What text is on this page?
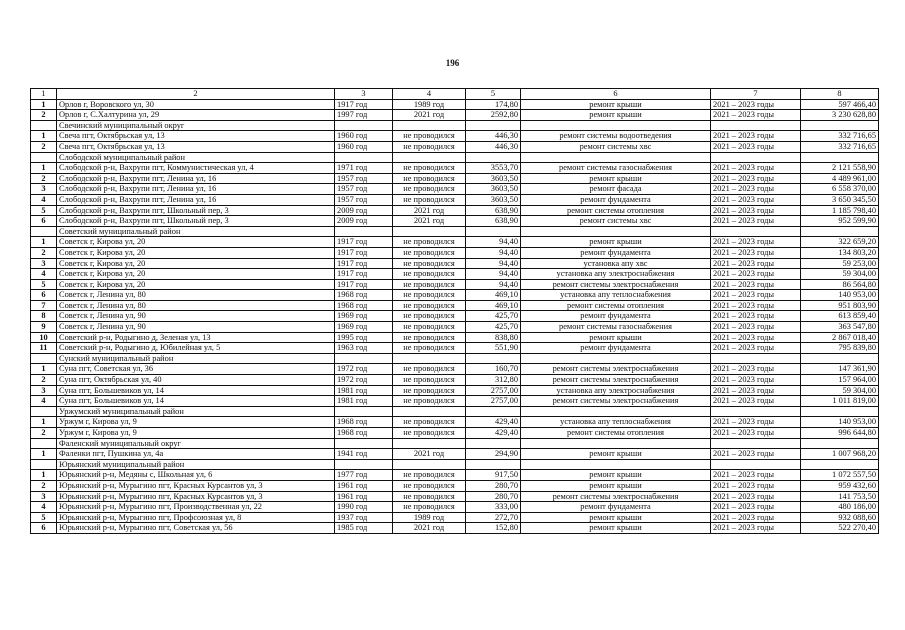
196
1	2	3	4	5	6	7	8
1	Орлов г, Воровского ул, 30	1917 год	1989 год	174,80	ремонт крыши	2021 – 2023 годы	597 466,40
2	Орлов г, С.Халтурина ул, 29	1997 год	2021 год	2592,80	ремонт крыши	2021 – 2023 годы	3 230 628,80
	Свечинский муниципальный округ						
1	Свеча пгт, Октябрьская ул, 13	1960 год	не проводился	446,30	ремонт системы водоотведения	2021 – 2023 годы	332 716,65
2	Свеча пгт, Октябрьская ул, 13	1960 год	не проводился	446,30	ремонт системы хвс	2021 – 2023 годы	332 716,65
	Слободской муниципальный район						
1	Слободской р-н, Вахрупи пгт, Коммунистическая ул, 4	1971 год	не проводился	3553,70	ремонт системы газоснабжения	2021 – 2023 годы	2 121 558,90
2	Слободской р-н, Вахрупи пгт, Ленина ул, 16	1957 год	не проводился	3603,50	ремонт крыши	2021 – 2023 годы	4 489 961,00
3	Слободской р-н, Вахрупи пгт, Ленина ул, 16	1957 год	не проводился	3603,50	ремонт фасада	2021 – 2023 годы	6 558 370,00
4	Слободской р-н, Вахрупи пгт, Ленина ул, 16	1957 год	не проводился	3603,50	ремонт фундамента	2021 – 2023 годы	3 650 345,50
5	Слободской р-н, Вахрупи пгт, Школьный пер, 3	2009 год	2021 год	638,90	ремонт системы отопления	2021 – 2023 годы	1 185 798,40
6	Слободской р-н, Вахрупи пгт, Школьный пер, 3	2009 год	2021 год	638,90	ремонт системы хвс	2021 – 2023 годы	952 599,90
	Советский муниципальный район						
1	Советск г, Кирова ул, 20	1917 год	не проводился	94,40	ремонт крыши	2021 – 2023 годы	322 659,20
2	Советск г, Кирова ул, 20	1917 год	не проводился	94,40	ремонт фундамента	2021 – 2023 годы	134 803,20
3	Советск г, Кирова ул, 20	1917 год	не проводился	94,40	установка апу хвс	2021 – 2023 годы	59 253,00
4	Советск г, Кирова ул, 20	1917 год	не проводился	94,40	установка апу электроснабжения	2021 – 2023 годы	59 304,00
5	Советск г, Кирова ул, 20	1917 год	не проводился	94,40	ремонт системы электроснабжения	2021 – 2023 годы	86 564,80
6	Советск г, Ленина ул, 80	1968 год	не проводился	469,10	установка апу теплоснабжения	2021 – 2023 годы	140 953,00
7	Советск г, Ленина ул, 80	1968 год	не проводился	469,10	ремонт системы отопления	2021 – 2023 годы	951 803,90
8	Советск г, Ленина ул, 90	1969 год	не проводился	425,70	ремонт фундамента	2021 – 2023 годы	613 859,40
9	Советск г, Ленина ул, 90	1969 год	не проводился	425,70	ремонт системы газоснабжения	2021 – 2023 годы	363 547,80
10	Советский р-н, Родыгино д, Зеленая ул, 13	1995 год	не проводился	838,80	ремонт крыши	2021 – 2023 годы	2 867 018,40
11	Советский р-н, Родыгино д, Юбилейная ул, 5	1963 год	не проводился	551,90	ремонт фундамента	2021 – 2023 годы	795 839,80
	Сунский муниципальный район						
1	Суна пгт, Советская ул, 36	1972 год	не проводился	160,70	ремонт системы электроснабжения	2021 – 2023 годы	147 361,90
2	Суна пгт, Октябрьская ул, 40	1972 год	не проводился	312,80	ремонт системы электроснабжения	2021 – 2023 годы	157 964,00
3	Суна пгт, Большевиков ул, 14	1981 год	не проводился	2757,00	установка апу электроснабжения	2021 – 2023 годы	59 304,00
4	Суна пгт, Большевиков ул, 14	1981 год	не проводился	2757,00	ремонт системы электроснабжения	2021 – 2023 годы	1 011 819,00
	Уржумский муниципальный район						
1	Уржум г, Кирова ул, 9	1968 год	не проводился	429,40	установка апу теплоснабжения	2021 – 2023 годы	140 953,00
2	Уржум г, Кирова ул, 9	1968 год	не проводился	429,40	ремонт системы отопления	2021 – 2023 годы	996 644,80
	Фаленский муниципальный округ						
1	Фаленки пгт, Пушкина ул, 4а	1941 год	2021 год	294,90	ремонт крыши	2021 – 2023 годы	1 007 968,20
	Юрьянский муниципальный район						
1	Юрьянский р-н, Медяны с, Школьная ул, 6	1977 год	не проводился	917,50	ремонт крыши	2021 – 2023 годы	1 072 557,50
2	Юрьянский р-н, Мурыгино пгт, Красных Курсантов ул, 3	1961 год	не проводился	280,70	ремонт крыши	2021 – 2023 годы	959 432,60
3	Юрьянский р-н, Мурыгино пгт, Красных Курсантов ул, 3	1961 год	не проводился	280,70	ремонт системы электроснабжения	2021 – 2023 годы	141 753,50
4	Юрьянский р-н, Мурыгино пгт, Производственная ул, 22	1990 год	не проводился	333,00	ремонт фундамента	2021 – 2023 годы	480 186,00
5	Юрьянский р-н, Мурыгино пгт, Профсоюзная ул, 8	1937 год	1989 год	272,70	ремонт крыши	2021 – 2023 годы	932 088,60
6	Юрьянский р-н, Мурыгино пгт, Советская ул, 56	1985 год	2021 год	152,80	ремонт крыши	2021 – 2023 годы	522 270,40
